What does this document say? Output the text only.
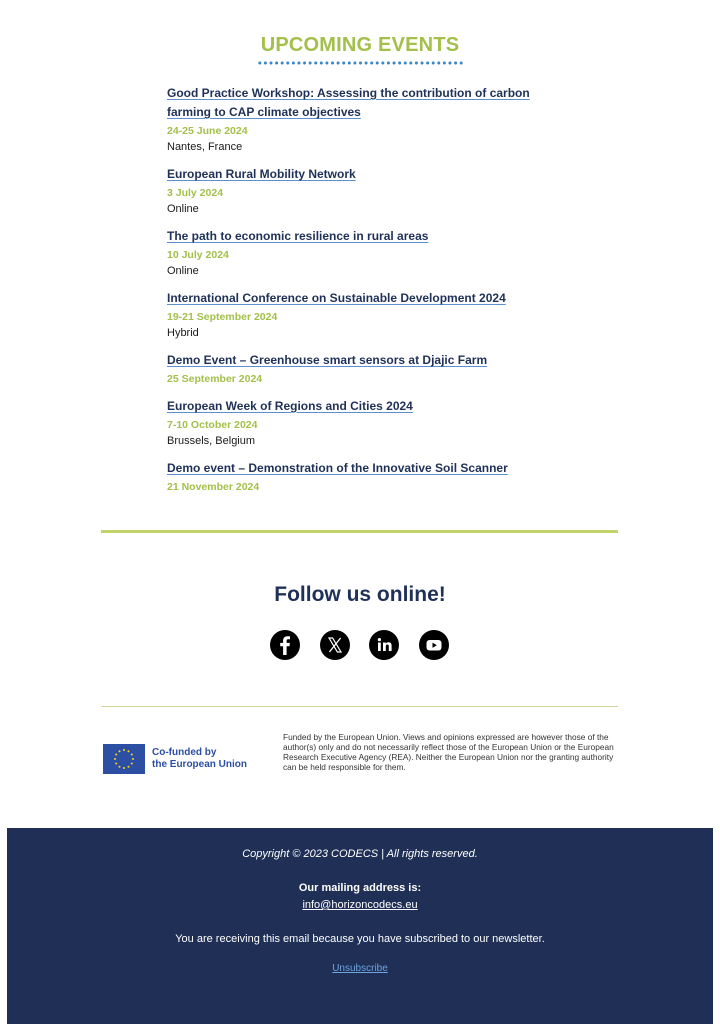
UPCOMING EVENTS
Good Practice Workshop: Assessing the contribution of carbon farming to CAP climate objectives
24-25 June 2024
Nantes, France
European Rural Mobility Network
3 July 2024
Online
The path to economic resilience in rural areas
10 July 2024
Online
International Conference on Sustainable Development 2024
19-21 September 2024
Hybrid
Demo Event – Greenhouse smart sensors at Djajic Farm
25 September 2024
European Week of Regions and Cities 2024
7-10 October 2024
Brussels, Belgium
Demo event – Demonstration of the Innovative Soil Scanner
21 November 2024
Follow us online!
Co-funded by
the European Union
Funded by the European Union. Views and opinions expressed are however those of the author(s) only and do not necessarily reflect those of the European Union or the European Research Executive Agency (REA). Neither the European Union nor the granting authority can be held responsible for them.
Copyright © 2023 CODECS | All rights reserved.
Our mailing address is:
info@horizoncodecs.eu
You are receiving this email because you have subscribed to our newsletter.
Unsubscribe
